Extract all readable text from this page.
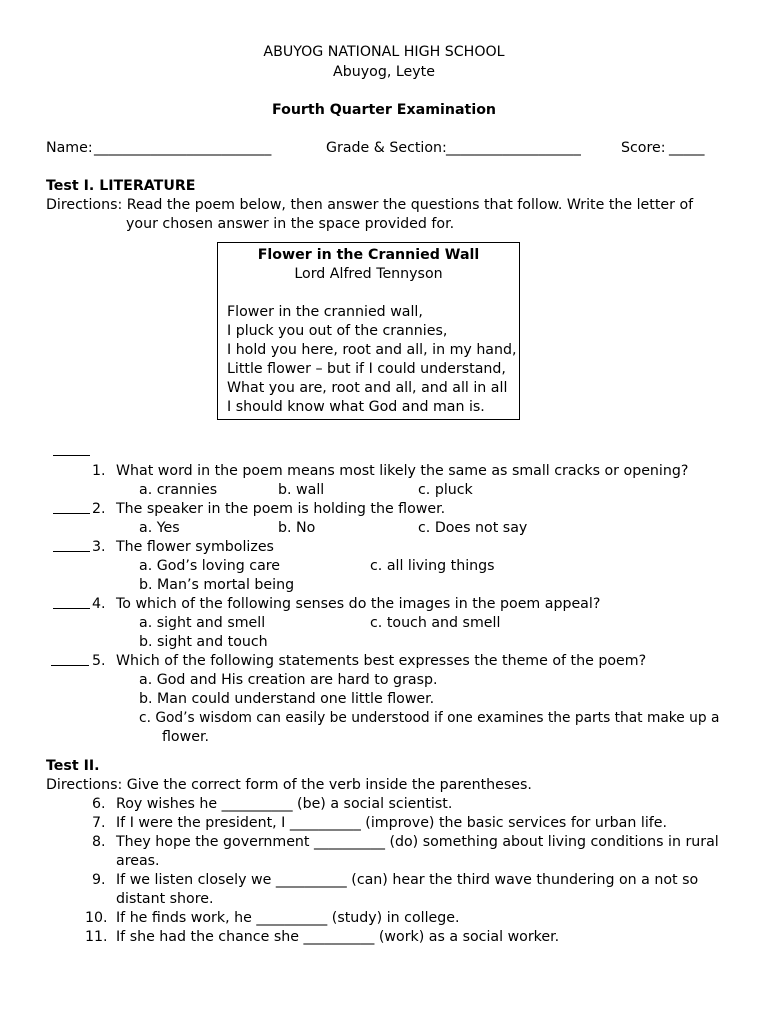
ABUYOG NATIONAL HIGH SCHOOL
Abuyog, Leyte
Fourth Quarter Examination
Name: _________________________	Grade & Section: ___________________	Score: _____
Test I. LITERATURE
Directions: Read the poem below, then answer the questions that follow. Write the letter of
your chosen answer in the space provided for.
Flower in the Crannied Wall
Lord Alfred Tennyson
Flower in the crannied wall,
I pluck you out of the crannies,
I hold you here, root and all, in my hand,
Little flower – but if I could understand,
What you are, root and all, and all in all
I should know what God and man is.
1. What word in the poem means most likely the same as small cracks or opening?
a. crannies	b. wall	c. pluck
2. The speaker in the poem is holding the flower.
a. Yes	b. No	c. Does not say
3. The flower symbolizes
a. God’s loving care	c. all living things
b. Man’s mortal being
4. To which of the following senses do the images in the poem appeal?
a. sight and smell	c. touch and smell
b. sight and touch
5. Which of the following statements best expresses the theme of the poem?
a. God and His creation are hard to grasp.
b. Man could understand one little flower.
c. God’s wisdom can easily be understood if one examines the parts that make up a
flower.
Test II.
Directions: Give the correct form of the verb inside the parentheses.
6. Roy wishes he __________ (be) a social scientist.
7. If I were the president, I __________ (improve) the basic services for urban life.
8. They hope the government __________ (do) something about living conditions in rural
areas.
9. If we listen closely we __________ (can) hear the third wave thundering on a not so
distant shore.
10. If he finds work, he __________ (study) in college.
11. If she had the chance she __________ (work) as a social worker.
